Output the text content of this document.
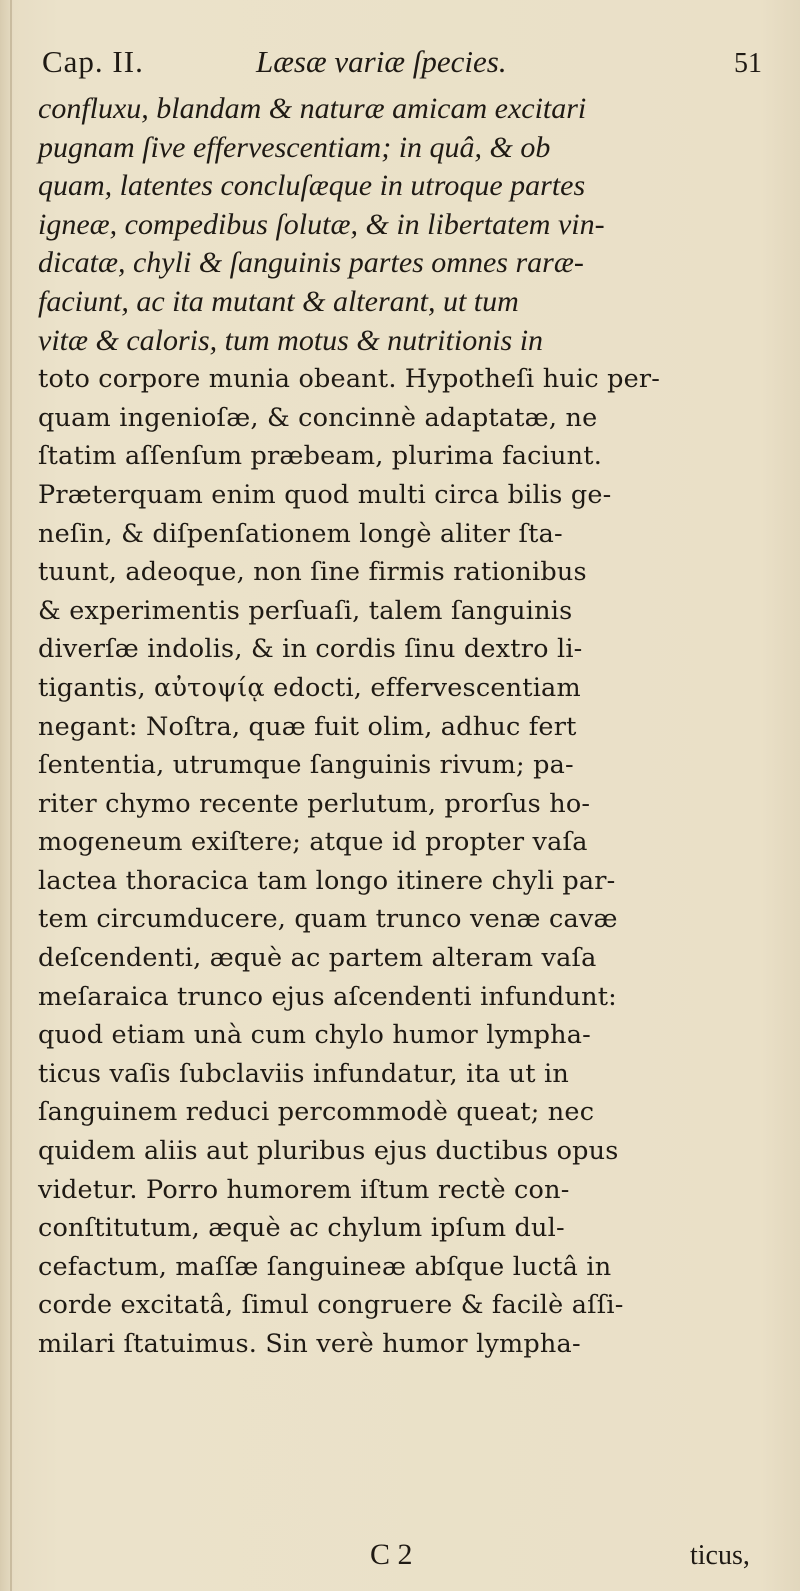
Cap. II.	Læsæ variæ ſpecies.	51
confluxu, blandam & naturæ amicam excitari
pugnam ſive effervescentiam; in quâ, & ob
quam, latentes concluſæque in utroque partes
igneæ, compedibus ſolutæ, & in libertatem vin-
dicatæ, chyli & ſanguinis partes omnes raræ-
faciunt, ac ita mutant & alterant, ut tum
vitæ & caloris, tum motus & nutritionis in
toto corpore munia obeant. Hypotheſi huic per-
quam ingenioſæ, & concinnè adaptatæ, ne
ſtatim aſſenſum præbeam, plurima faciunt.
Præterquam enim quod multi circa bilis ge-
neſin, & diſpenſationem longè aliter ſta-
tuunt, adeoque, non ſine firmis rationibus
& experimentis perſuaſi, talem ſanguinis
diverſæ indolis, & in cordis ſinu dextro li-
tigantis, αὐτοψίᾳ edocti, effervescentiam
negant: Noſtra, quæ fuit olim, adhuc fert
ſententia, utrumque ſanguinis rivum; pa-
riter chymo recente perlutum, prorſus ho-
mogeneum exiſtere; atque id propter vaſa
lactea thoracica tam longo itinere chyli par-
tem circumducere, quam trunco venæ cavæ
deſcendenti, æquè ac partem alteram vaſa
meſaraica trunco ejus aſcendenti infundunt:
quod etiam unà cum chylo humor lympha-
ticus vaſis ſubclaviis infundatur, ita ut in
ſanguinem reduci percommodè queat; nec
quidem aliis aut pluribus ejus ductibus opus
videtur. Porro humorem iſtum rectè con-
conſtitutum, æquè ac chylum ipſum dul-
cefactum, maſſæ ſanguineæ abſque luctâ in
corde excitatâ, ſimul congruere & facilè aſſi-
milari ſtatuimus. Sin verè humor lympha-
C 2	ticus,
